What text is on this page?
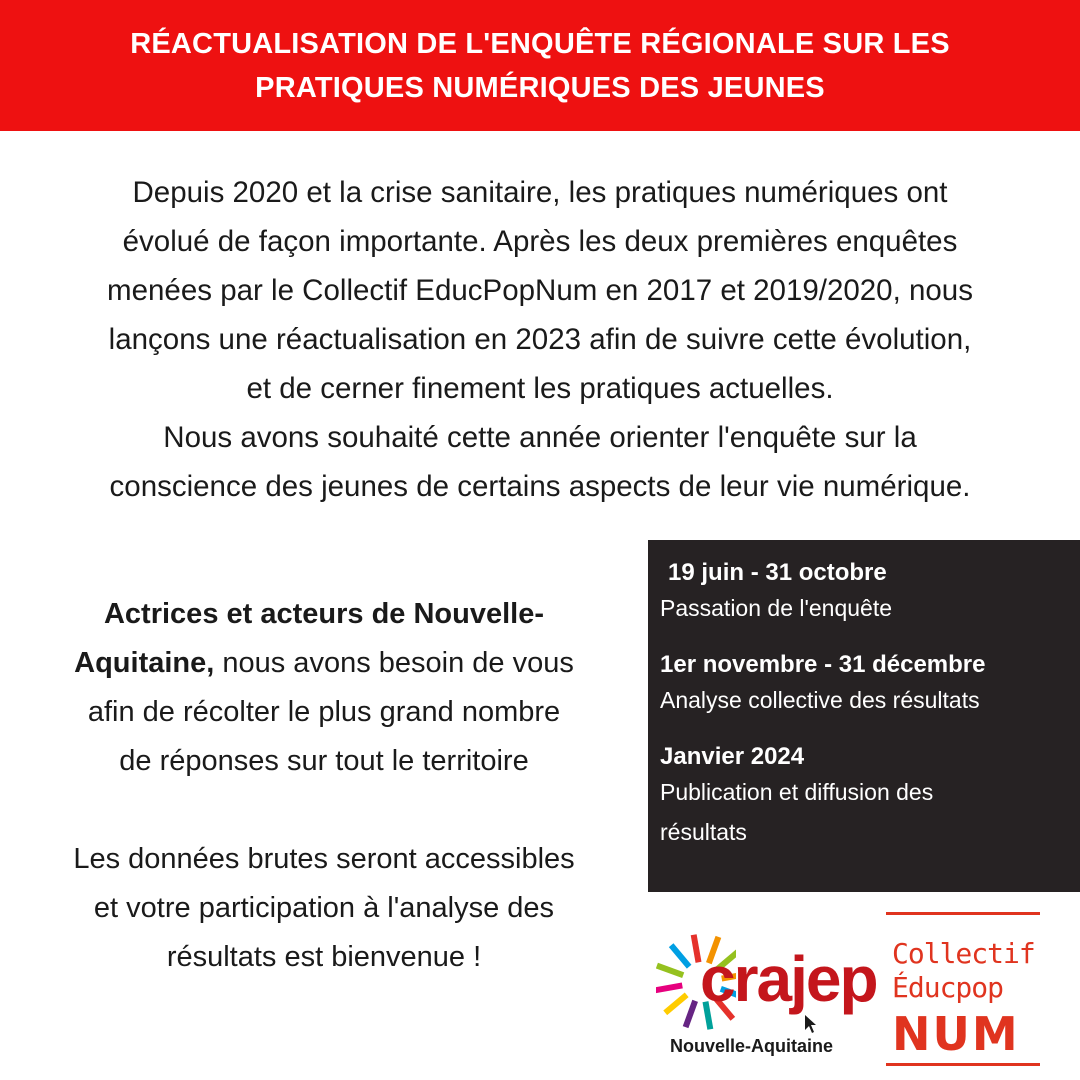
RÉACTUALISATION DE L'ENQUÊTE RÉGIONALE SUR LES
PRATIQUES NUMÉRIQUES DES JEUNES
Depuis 2020 et la crise sanitaire, les pratiques numériques ont
évolué de façon importante. Après les deux premières enquêtes
menées par le Collectif EducPopNum en 2017 et 2019/2020, nous
lançons une réactualisation en 2023 afin de suivre cette évolution,
et de cerner finement les pratiques actuelles.
Nous avons souhaité cette année orienter l'enquête sur la
conscience des jeunes de certains aspects de leur vie numérique.
Actrices et acteurs de Nouvelle-
Aquitaine, nous avons besoin de vous
afin de récolter le plus grand nombre
de réponses sur tout le territoire
Les données brutes seront accessibles
et votre participation à l'analyse des
résultats est bienvenue !
19 juin - 31 octobre
Passation de l'enquête
1er novembre - 31 décembre
Analyse collective des résultats
Janvier 2024
Publication et diffusion des
résultats
crajep
Nouvelle-Aquitaine
Collectif
Éducpop
NUM
